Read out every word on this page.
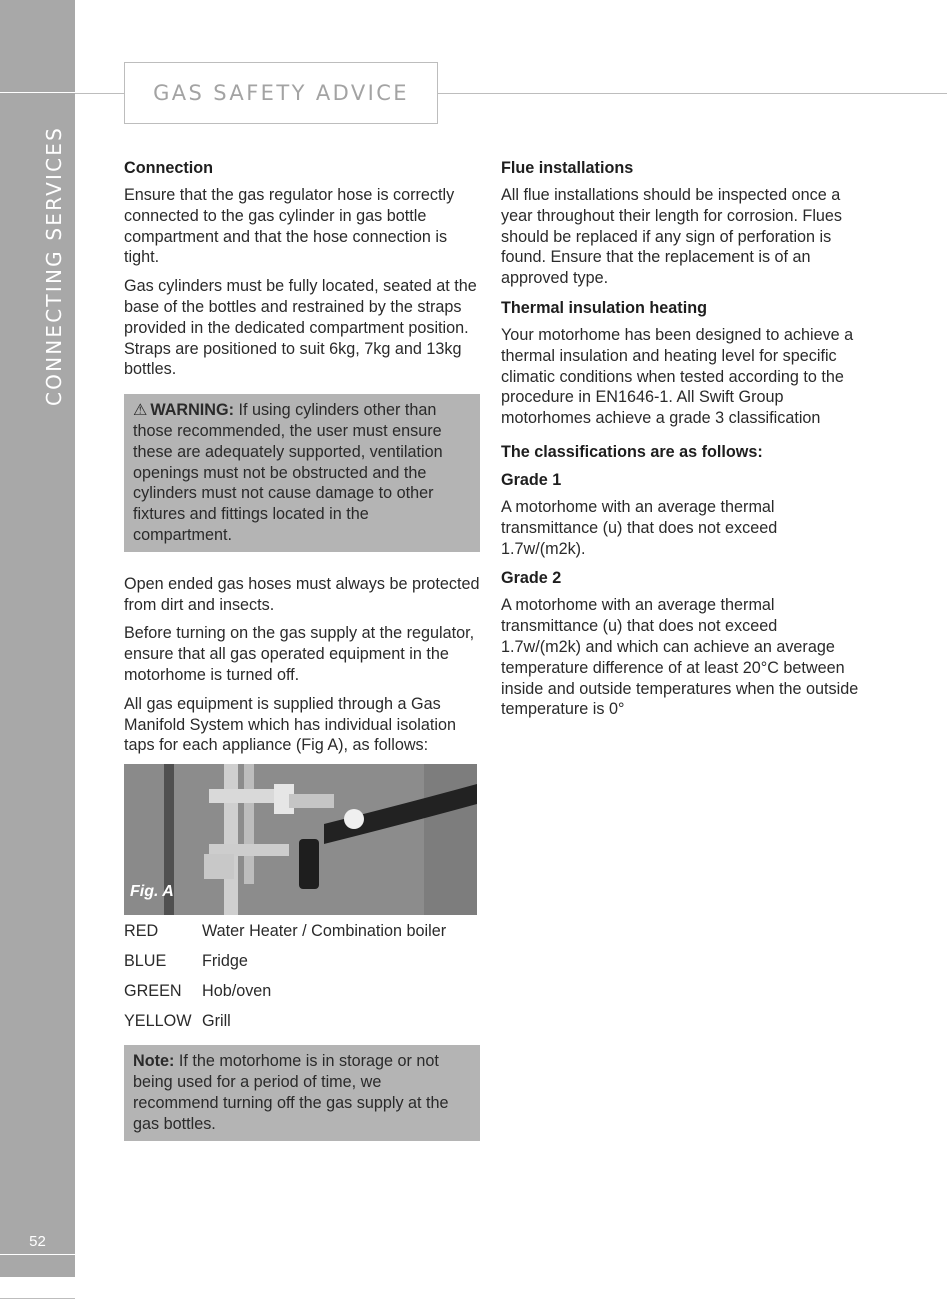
CONNECTING SERVICES
52
GAS SAFETY ADVICE
Connection

Ensure that the gas regulator hose is correctly connected to the gas cylinder in gas bottle compartment and that the hose connection is tight.

Gas cylinders must be fully located, seated at the base of the bottles and restrained by the straps provided in the dedicated compartment position. Straps are positioned to suit 6kg, 7kg and 13kg bottles.

⚠ WARNING: If using cylinders other than those recommended, the user must ensure these are adequately supported, ventilation openings must not be obstructed and the cylinders must not cause damage to other fixtures and fittings located in the compartment.

Open ended gas hoses must always be protected from dirt and insects.

Before turning on the gas supply at the regulator, ensure that all gas operated equipment in the motorhome is turned off.

All gas equipment is supplied through a Gas Manifold System which has individual isolation taps for each appliance (Fig A), as follows:

Fig. A
RED	Water Heater / Combination boiler
BLUE	Fridge
GREEN	Hob/oven
YELLOW Grill

Note: If the motorhome is in storage or not being used for a period of time, we recommend turning off the gas supply at the gas bottles.

Flue installations

All flue installations should be inspected once a year throughout their length for corrosion. Flues should be replaced if any sign of perforation is found. Ensure that the replacement is of an approved type.

Thermal insulation heating

Your motorhome has been designed to achieve a thermal insulation and heating level for specific climatic conditions when tested according to the procedure in EN1646-1. All Swift Group motorhomes achieve a grade 3 classification

The classifications are as follows:
Grade 1

A motorhome with an average thermal transmittance (u) that does not exceed 1.7w/(m2k).

Grade 2

A motorhome with an average thermal transmittance (u) that does not exceed 1.7w/(m2k) and which can achieve an average temperature difference of at least 20°C between inside and outside temperatures when the outside temperature is 0°
